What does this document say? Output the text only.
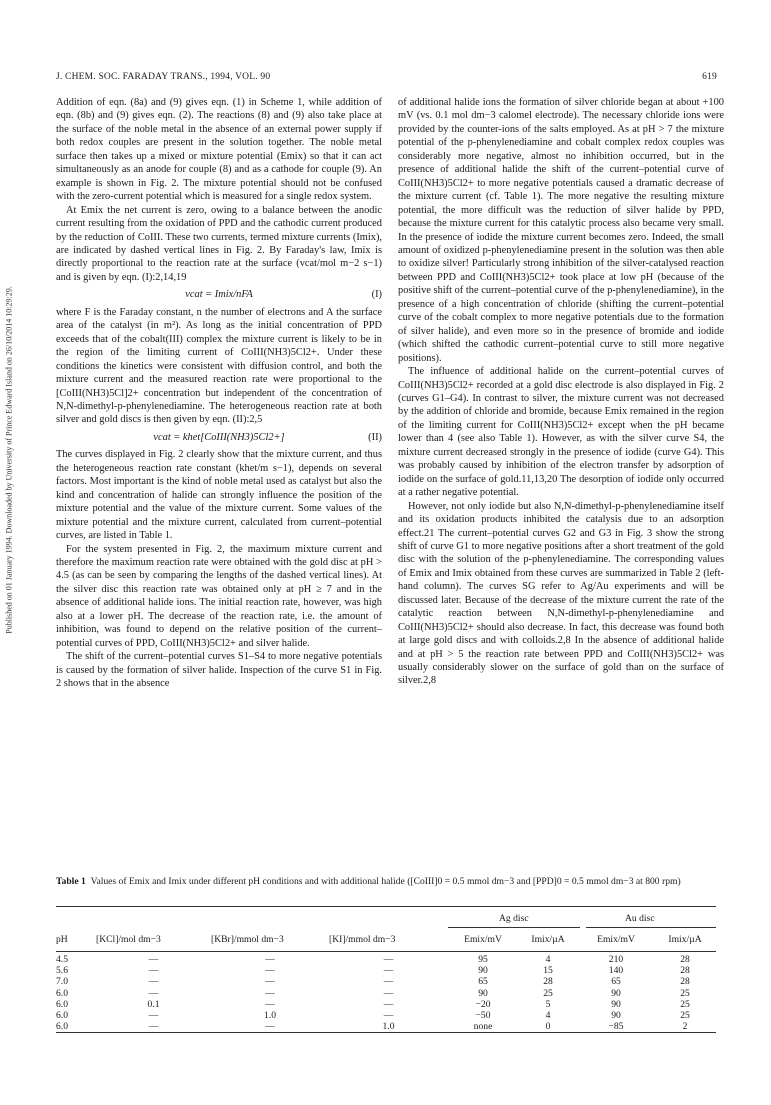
J. CHEM. SOC. FARADAY TRANS., 1994, VOL. 90	619
Published on 01 January 1994. Downloaded by University of Prince Edward Island on 26/10/2014 10:29:29.

Addition of eqn. (8a) and (9) gives eqn. (1) in Scheme 1, while addition of eqn. (8b) and (9) gives eqn. (2). The reactions (8) and (9) also take place at the surface of the noble metal in the absence of an external power supply if both redox couples are present in the solution together. The noble metal surface then takes up a mixed or mixture potential (Emix) so that it can act simultaneously as an anode for couple (8) and as a cathode for couple (9). An example is shown in Fig. 2. The mixture potential should not be confused with the zero-current potential which is measured for a single redox system.

At Emix the net current is zero, owing to a balance between the anodic current resulting from the oxidation of PPD and the cathodic current produced by the reduction of CoIII. These two currents, termed mixture currents (Imix), are indicated by dashed vertical lines in Fig. 2. By Faraday's law, Imix is directly proportional to the reaction rate at the surface (vcat/mol m−2 s−1) and is given by eqn. (I):2,14,19

vcat = Imix/nFA	(I)

where F is the Faraday constant, n the number of electrons and A the surface area of the catalyst (in m²). As long as the initial concentration of PPD exceeds that of the cobalt(III) complex the mixture current is likely to be in the region of the limiting current of CoIII(NH3)5Cl2+. Under these conditions the kinetics were consistent with diffusion control, and both the mixture current and the measured reaction rate were proportional to the [CoIII(NH3)5Cl]2+ concentration but independent of the concentration of N,N-dimethyl-p-phenylenediamine. The heterogeneous reaction rate at both silver and gold discs is then given by eqn. (II):2,5

vcat = khet[CoIII(NH3)5Cl2+]	(II)

The curves displayed in Fig. 2 clearly show that the mixture current, and thus the heterogeneous reaction rate constant (khet/m s−1), depends on several factors. Most important is the kind of noble metal used as catalyst but also the kind and concentration of halide can strongly influence the position of the mixture potential and the value of the mixture current. Some values of the mixture potential and the mixture current, calculated from current–potential curves, are listed in Table 1.

For the system presented in Fig. 2, the maximum mixture current and therefore the maximum reaction rate were obtained with the gold disc at pH > 4.5 (as can be seen by comparing the lengths of the dashed vertical lines). At the silver disc this reaction rate was obtained only at pH ≥ 7 and in the absence of additional halide ions. The initial reaction rate, however, was high also at a lower pH. The decrease of the reaction rate, i.e. the amount of inhibition, was found to depend on the relative position of the current–potential curves of PPD, CoIII(NH3)5Cl2+ and silver halide.

The shift of the current–potential curves S1–S4 to more negative potentials is caused by the formation of silver halide. Inspection of the curve S1 in Fig. 2 shows that in the absence

of additional halide ions the formation of silver chloride began at about +100 mV (vs. 0.1 mol dm−3 calomel electrode). The necessary chloride ions were provided by the counter-ions of the salts employed. As at pH > 7 the mixture potential of the p-phenylenediamine and cobalt complex redox couples was considerably more negative, almost no inhibition occurred, but in the presence of additional halide the shift of the current–potential curve of CoIII(NH3)5Cl2+ to more negative potentials caused a dramatic decrease of the mixture current (cf. Table 1). The more negative the resulting mixture potential, the more difficult was the reduction of silver halide by PPD, because the mixture current for this catalytic process also became very small. In the presence of iodide the mixture current becomes zero. Indeed, the small amount of oxidized p-phenylenediamine present in the solution was then able to oxidize silver! Particularly strong inhibition of the silver-catalysed reaction between PPD and CoIII(NH3)5Cl2+ took place at low pH (because of the positive shift of the current–potential curve of the p-phenylenediamine), in the presence of a high concentration of chloride (shifting the current–potential curve of the cobalt complex to more negative potentials due to the formation of silver halide), and even more so in the presence of bromide and iodide (which shifted the cathodic current–potential curve to still more negative positions).

The influence of additional halide on the current–potential curves of CoIII(NH3)5Cl2+ recorded at a gold disc electrode is also displayed in Fig. 2 (curves G1–G4). In contrast to silver, the mixture current was not decreased by the addition of chloride and bromide, because Emix remained in the region of the limiting current for CoIII(NH3)5Cl2+ except when the pH became lower than 4 (see also Table 1). However, as with the silver curve S4, the mixture current decreased strongly in the presence of iodide (curve G4). This was probably caused by inhibition of the electron transfer by adsorption of iodide on the surface of gold.11,13,20 The desorption of iodide only occurred at a rather negative potential.

However, not only iodide but also N,N-dimethyl-p-phenylenediamine itself and its oxidation products inhibited the catalysis due to an adsorption effect.21 The current–potential curves G2 and G3 in Fig. 3 show the strong shift of curve G1 to more negative positions after a short treatment of the gold disc with the solution of the p-phenylenediamine. The corresponding values of Emix and Imix obtained from these curves are summarized in Table 2 (left-hand column). The curves SG refer to Ag/Au experiments and will be discussed later. Because of the decrease of the mixture current the rate of the catalytic reaction between N,N-dimethyl-p-phenylenediamine and CoIII(NH3)5Cl2+ should also decrease. In fact, this decrease was found both at large gold discs and with colloids.2,8 In the absence of additional halide and at pH > 5 the reaction rate between PPD and CoIII(NH3)5Cl2+ was usually considerably slower on the surface of gold than on the surface of silver.2,8

Table 1 Values of Emix and Imix under different pH conditions and with additional halide ([CoIII]0 = 0.5 mmol dm−3 and [PPD]0 = 0.5 mmol dm−3 at 800 rpm)
Ag disc	Au disc
pH	[KCl]/mol dm−3	[KBr]/mmol dm−3	[KI]/mmol dm−3	Emix/mV	Imix/µA	Emix/mV	Imix/µA
4.5	—	—	—	95	4	210	28
5.6	—	—	—	90	15	140	28
7.0	—	—	—	65	28	65	28
6.0	—	—	—	90	25	90	25
6.0	0.1	—	—	−20	5	90	25
6.0	—	1.0	—	−50	4	90	25
6.0	—	—	1.0	none	0	−85	2
